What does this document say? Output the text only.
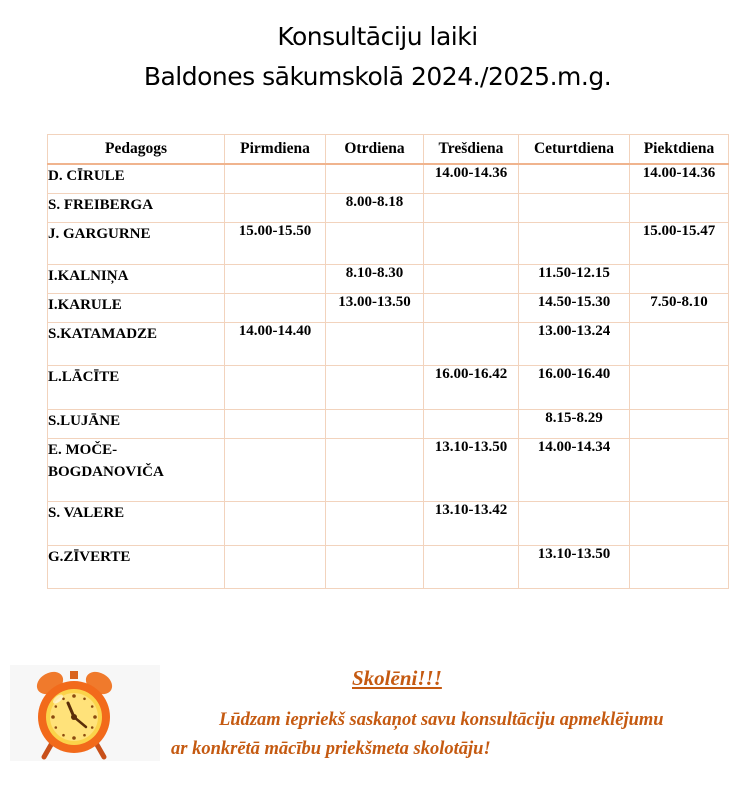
Konsultāciju laiki
Baldones sākumskolā 2024./2025.m.g.
Pedagogs	Pirmdiena	Otrdiena	Trešdiena	Ceturtdiena	Piektdiena
D. CĪRULE			14.00-14.36		14.00-14.36
S. FREIBERGA		8.00-8.18			
J. GARGURNE	15.00-15.50				15.00-15.47
I.KALNIŅA		8.10-8.30		11.50-12.15	
I.KARULE		13.00-13.50		14.50-15.30	7.50-8.10
S.KATAMADZE	14.00-14.40			13.00-13.24	
L.LĀCĪTE			16.00-16.42	16.00-16.40	
S.LUJĀNE				8.15-8.29	
E. MOČE-BOGDANOVIČA			13.10-13.50	14.00-14.34	
S. VALERE			13.10-13.42		
G.ZĪVERTE				13.10-13.50	
Skolēni!!!
Lūdzam iepriekš saskaņot savu konsultāciju apmeklējumu
ar konkrētā mācību priekšmeta skolotāju!
